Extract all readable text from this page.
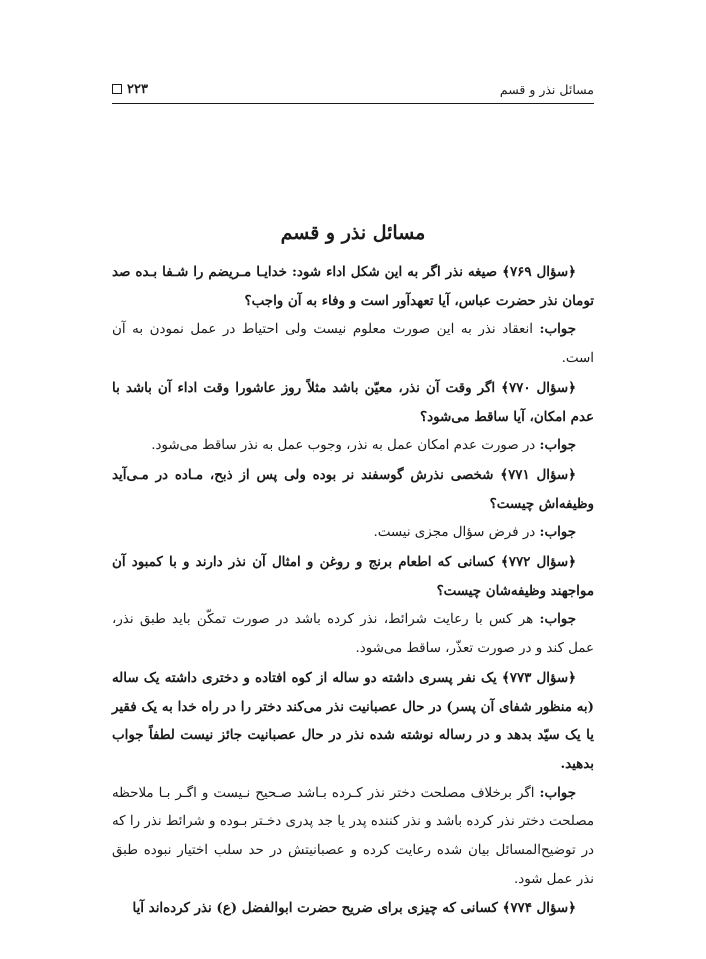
مسائل نذر و قسم
۲۲۳
مسائل نذر و قسم

﴿سؤال ۷۶۹﴾ صیغه نذر اگر به این شکل اداء شود: خدایـا مـریضم را شـفا بـده صد تومان نذر حضرت عباس، آیا تعهدآور است و وفاء به آن واجب؟

جواب: انعقاد نذر به این صورت معلوم نیست ولی احتیاط در عمل نمودن به آن است.

﴿سؤال ۷۷۰﴾ اگر وقت آن نذر، معیّن باشد مثلاً روز عاشورا وقت اداء آن باشد با عدم امکان، آیا ساقط می‌شود؟

جواب: در صورت عدم امکان عمل به نذر، وجوب عمل به نذر ساقط می‌شود.

﴿سؤال ۷۷۱﴾ شخصی نذرش گوسفند نر بوده ولی پس از ذبح، مـاده در مـی‌آید وظیفه‌اش چیست؟

جواب: در فرض سؤال مجزی نیست.

﴿سؤال ۷۷۲﴾ کسانی که اطعام برنج و روغن و امثال آن نذر دارند و با کمبود آن مواجهند وظیفه‌شان چیست؟

جواب: هر کس با رعایت شرائط، نذر کرده باشد در صورت تمکّن باید طبق نذر، عمل کند و در صورت تعذّر، ساقط می‌شود.

﴿سؤال ۷۷۳﴾ یک نفر پسری داشته دو ساله از کوه افتاده و دختری داشته یک ساله (به منظور شفای آن پسر) در حال عصبانیت نذر می‌کند دختر را در راه خدا به یک فقیر یا یک سیّد بدهد و در رساله نوشته شده نذر در حال عصبانیت جائز نیست لطفاً جواب بدهید.

جواب: اگر برخلاف مصلحت دختر نذر کـرده بـاشد صـحیح نـیست و اگـر بـا ملاحظه مصلحت دختر نذر کرده باشد و نذر کننده پدر یا جد پدری دخـتر بـوده و شرائط نذر را که در توضیح‌المسائل بیان شده رعایت کرده و عصبانیتش در حد سلب اختیار نبوده طبق نذر عمل شود.

﴿سؤال ۷۷۴﴾ کسانی که چیزی برای ضریح حضرت ابوالفضل (ع) نذر کرده‌اند آیا
